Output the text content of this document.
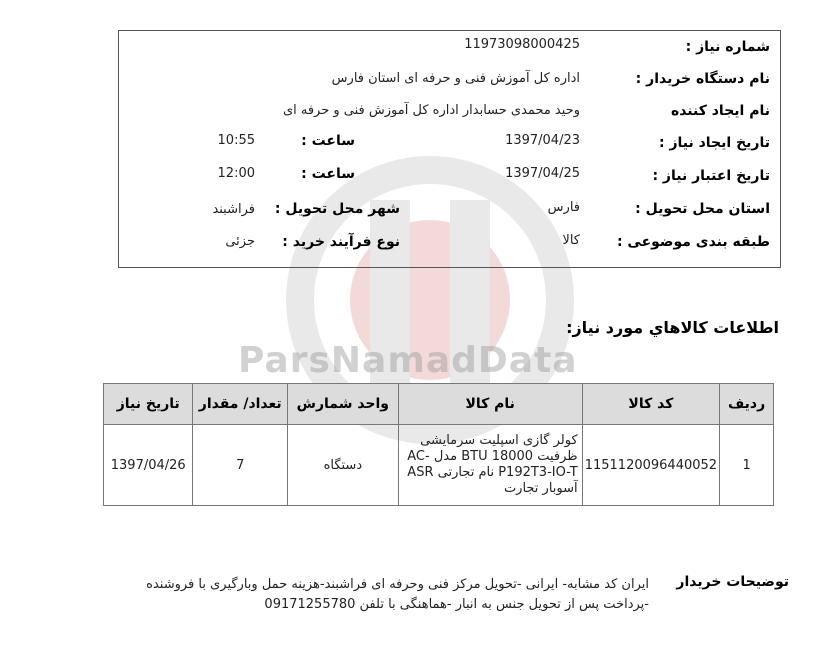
ParsNamadData
شماره نیاز :
11973098000425
نام دستگاه خریدار :
اداره کل آموزش فنی و حرفه ای استان فارس
نام ایجاد کننده
وحید محمدی حسابدار اداره کل آموزش فنی و حرفه ای
تاریخ ایجاد نیاز :
1397/04/23
ساعت :
10:55
تاریخ اعتبار نیاز :
1397/04/25
ساعت :
12:00
استان محل تحویل :
فارس
شهر محل تحویل :
فراشبند
طبقه بندی موضوعی :
کالا
نوع فرآیند خرید :
جزئی
اطلاعات کالاهاي مورد نیاز:
ردیف	کد کالا	نام کالا	واحد شمارش	تعداد/ مقدار	تاریخ نیاز
1	1151120096440052	کولر گازی اسپلیت سرمایشی ظرفیت BTU 18000 مدل AC-P192T3-IO-T نام تجارتی ASR آسوبار تجارت	دستگاه	7	1397/04/26
توضیحات خریدار
ایران کد مشابه- ایرانی -تحویل مرکز فنی وحرفه ای فراشبند-هزینه حمل وبارگیری با فروشنده -پرداخت پس از تحویل جنس به انبار -هماهنگی با تلفن 09171255780
